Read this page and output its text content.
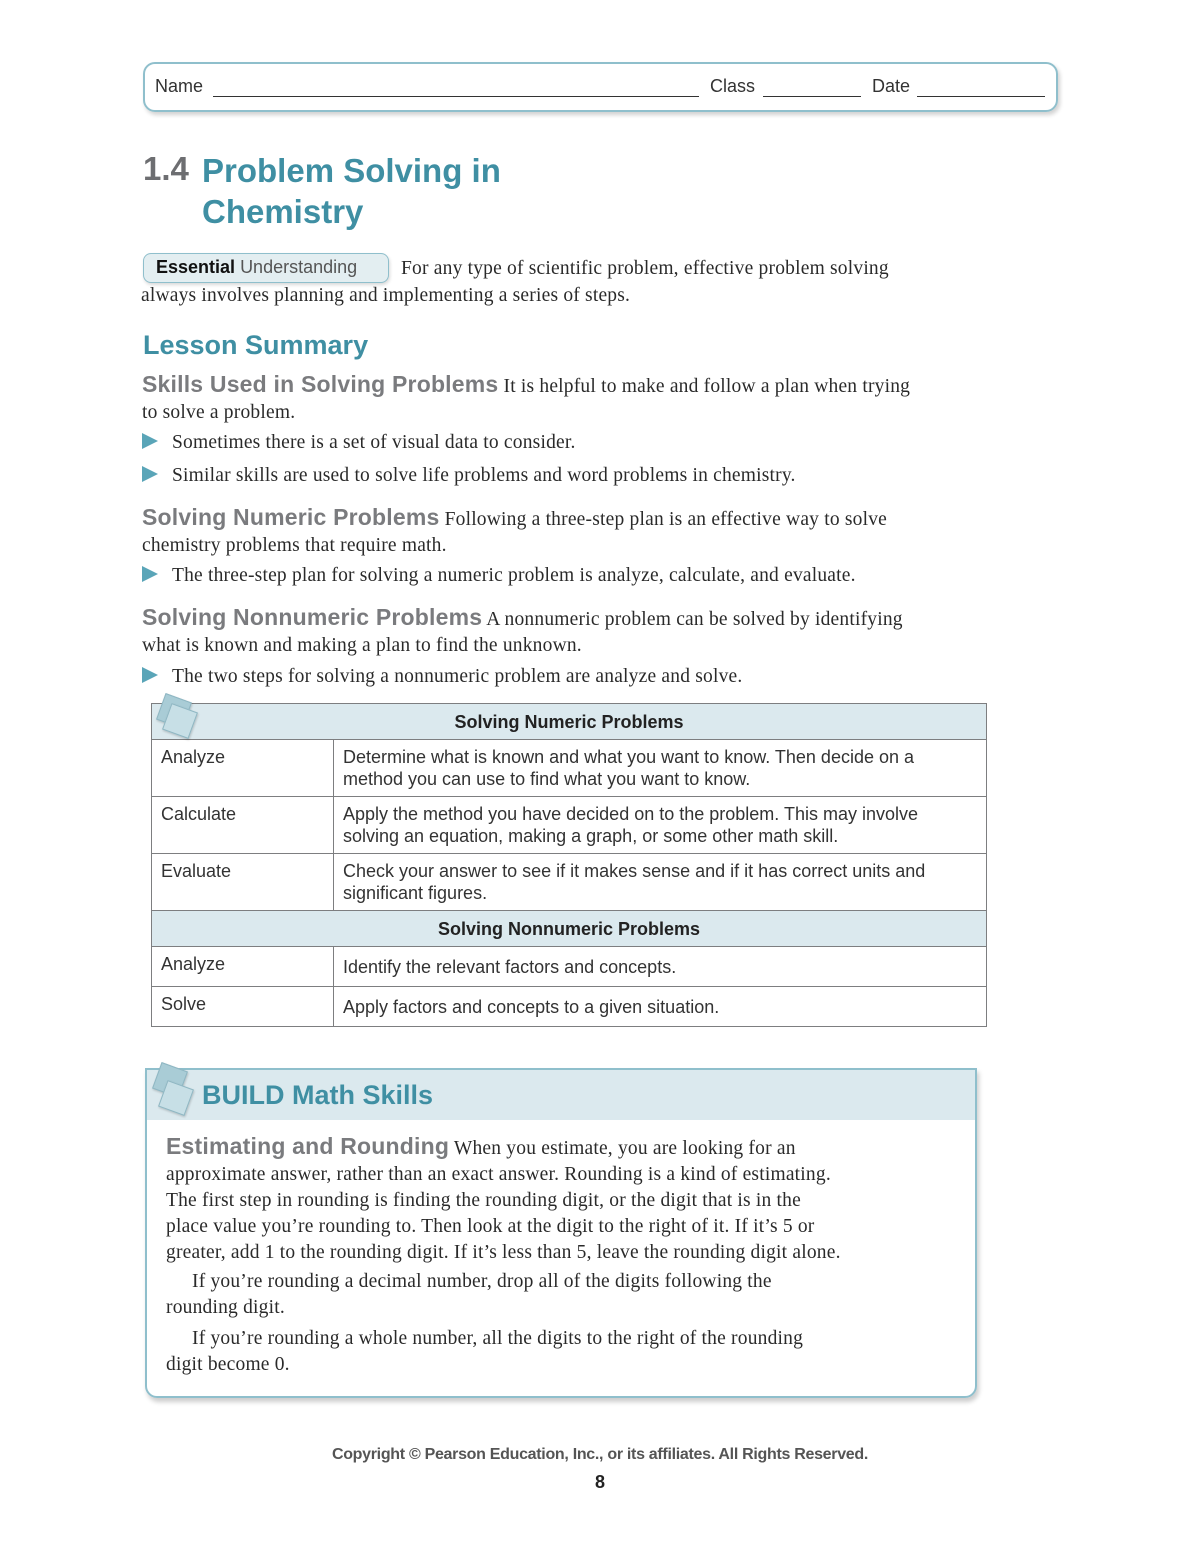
Name	Class	Date
1.4 Problem Solving in
Chemistry
Essential Understanding	For any type of scientific problem, effective problem solving
always involves planning and implementing a series of steps.
Lesson Summary
Skills Used in Solving Problems It is helpful to make and follow a plan when trying
to solve a problem.
Sometimes there is a set of visual data to consider.
Similar skills are used to solve life problems and word problems in chemistry.
Solving Numeric Problems Following a three-step plan is an effective way to solve
chemistry problems that require math.
The three-step plan for solving a numeric problem is analyze, calculate, and evaluate.
Solving Nonnumeric Problems A nonnumeric problem can be solved by identifying
what is known and making a plan to find the unknown.
The two steps for solving a nonnumeric problem are analyze and solve.
Solving Numeric Problems	
Analyze	Determine what is known and what you want to know. Then decide on a method you can use to find what you want to know.
Calculate	Apply the method you have decided on to the problem. This may involve solving an equation, making a graph, or some other math skill.
Evaluate	Check your answer to see if it makes sense and if it has correct units and significant figures.
Solving Nonnumeric Problems	
Analyze	Identify the relevant factors and concepts.
Solve	Apply factors and concepts to a given situation.
BUILD Math Skills
Estimating and Rounding When you estimate, you are looking for an
approximate answer, rather than an exact answer. Rounding is a kind of estimating.
The first step in rounding is finding the rounding digit, or the digit that is in the
place value you’re rounding to. Then look at the digit to the right of it. If it’s 5 or
greater, add 1 to the rounding digit. If it’s less than 5, leave the rounding digit alone.
If you’re rounding a decimal number, drop all of the digits following the
rounding digit.
If you’re rounding a whole number, all the digits to the right of the rounding
digit become 0.
Copyright © Pearson Education, Inc., or its affiliates. All Rights Reserved.
8
